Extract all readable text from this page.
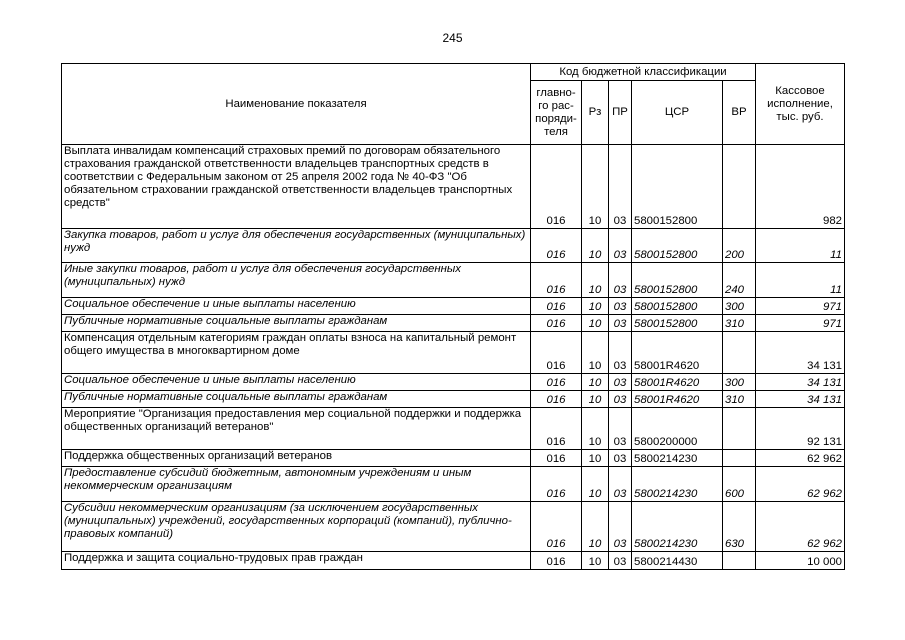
245
Наименование показателя	Код бюджетной классификации					Кассовое
исполнение,
тыс. руб.

	главно-
го рас-
поряди-
теля	Рз	ПР	ЦСР	ВР	
Выплата инвалидам компенсаций страховых премий по договорам обязательного страхования гражданской ответственности владельцев транспортных средств в соответствии с Федеральным законом от 25 апреля 2002 года № 40-ФЗ "Об обязательном страховании гражданской ответственности владельцев транспортных средств"	016	10	03	5800152800		982
Закупка товаров, работ и услуг для обеспечения государственных (муниципальных) нужд	016	10	03	5800152800	200	11
Иные закупки товаров, работ и услуг для обеспечения государственных (муниципальных) нужд	016	10	03	5800152800	240	11
Социальное обеспечение и иные выплаты населению	016	10	03	5800152800	300	971
Публичные нормативные социальные выплаты гражданам	016	10	03	5800152800	310	971
Компенсация отдельным категориям граждан оплаты взноса на капитальный ремонт общего имущества в многоквартирном доме	016	10	03	58001R4620		34 131
Социальное обеспечение и иные выплаты населению	016	10	03	58001R4620	300	34 131
Публичные нормативные социальные выплаты гражданам	016	10	03	58001R4620	310	34 131
Мероприятие "Организация предоставления мер социальной поддержки и поддержка общественных организаций ветеранов"	016	10	03	5800200000		92 131
Поддержка общественных организаций ветеранов	016	10	03	5800214230		62 962
Предоставление субсидий бюджетным, автономным учреждениям и иным некоммерческим организациям	016	10	03	5800214230	600	62 962
Субсидии некоммерческим организациям (за исключением государственных (муниципальных) учреждений, государственных корпораций (компаний), публично-правовых компаний)	016	10	03	5800214230	630	62 962
Поддержка и защита социально-трудовых прав граждан	016	10	03	5800214430		10 000
